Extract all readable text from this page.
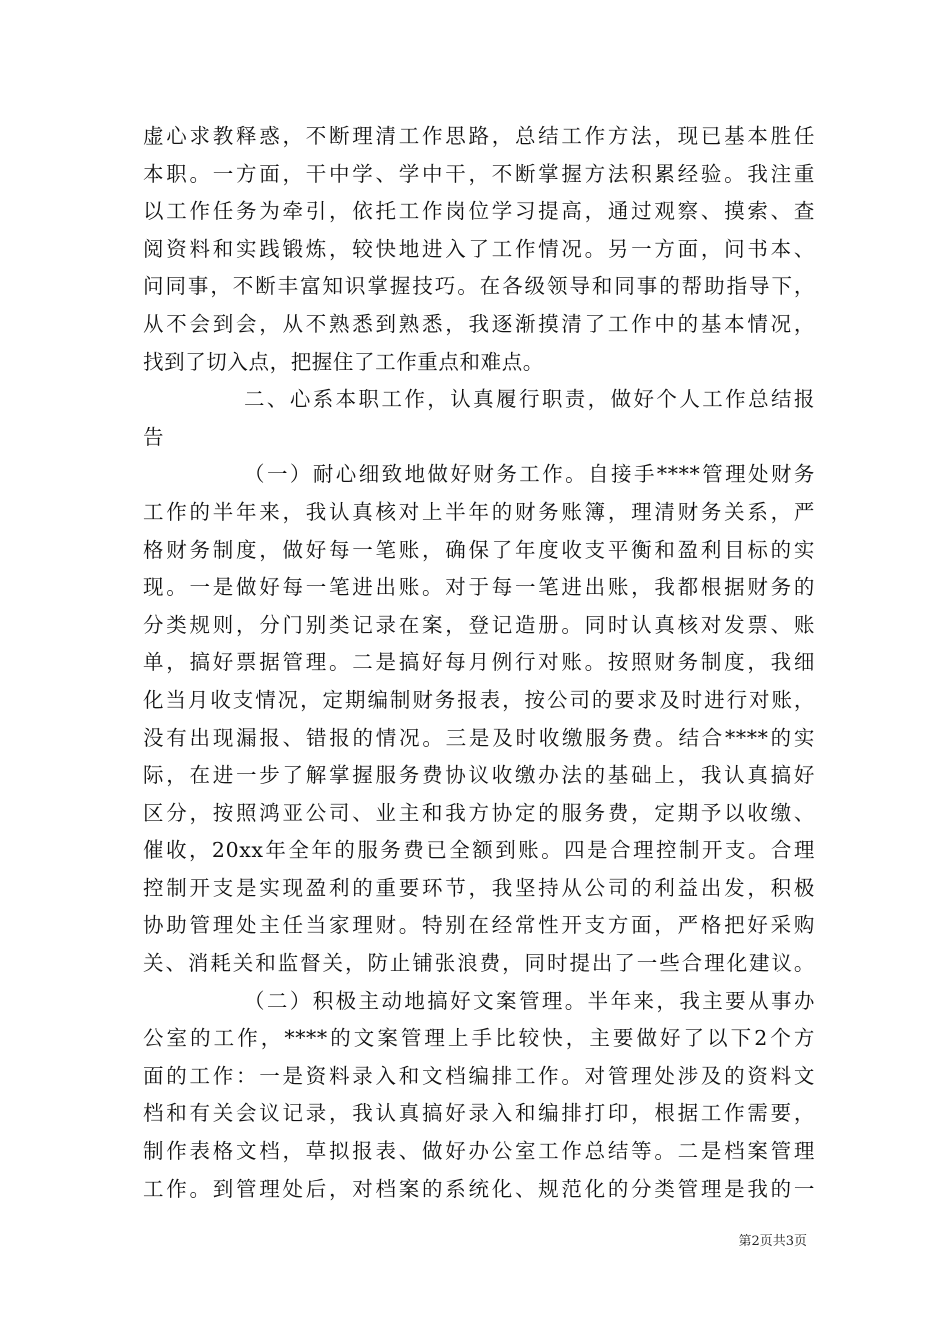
虚心求教释惑，不断理清工作思路，总结工作方法，现已基本胜任
本职。一方面，干中学、学中干，不断掌握方法积累经验。我注重
以工作任务为牵引，依托工作岗位学习提高，通过观察、摸索、查
阅资料和实践锻炼，较快地进入了工作情况。另一方面，问书本、
问同事，不断丰富知识掌握技巧。在各级领导和同事的帮助指导下，
从不会到会，从不熟悉到熟悉，我逐渐摸清了工作中的基本情况，
找到了切入点，把握住了工作重点和难点。
二、心系本职工作，认真履行职责，做好个人工作总结报
告
（一）耐心细致地做好财务工作。自接手****管理处财务
工作的半年来，我认真核对上半年的财务账簿，理清财务关系，严
格财务制度，做好每一笔账，确保了年度收支平衡和盈利目标的实
现。一是做好每一笔进出账。对于每一笔进出账，我都根据财务的
分类规则，分门别类记录在案，登记造册。同时认真核对发票、账
单，搞好票据管理。二是搞好每月例行对账。按照财务制度，我细
化当月收支情况，定期编制财务报表，按公司的要求及时进行对账，
没有出现漏报、错报的情况。三是及时收缴服务费。结合****的实
际，在进一步了解掌握服务费协议收缴办法的基础上，我认真搞好
区分，按照鸿亚公司、业主和我方协定的服务费，定期予以收缴、
催收，20xx年全年的服务费已全额到账。四是合理控制开支。合理
控制开支是实现盈利的重要环节，我坚持从公司的利益出发，积极
协助管理处主任当家理财。特别在经常性开支方面，严格把好采购
关、消耗关和监督关，防止铺张浪费，同时提出了一些合理化建议。
（二）积极主动地搞好文案管理。半年来，我主要从事办
公室的工作，****的文案管理上手比较快，主要做好了以下2个方
面的工作：一是资料录入和文档编排工作。对管理处涉及的资料文
档和有关会议记录，我认真搞好录入和编排打印，根据工作需要，
制作表格文档，草拟报表、做好办公室工作总结等。二是档案管理
工作。到管理处后，对档案的系统化、规范化的分类管理是我的一
第2页共3页
